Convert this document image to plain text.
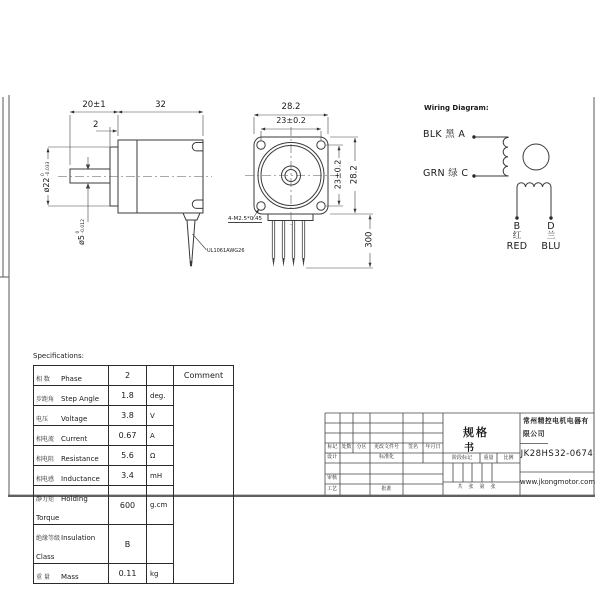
20±1	32
2
ø22
0 -0.033
ø5
0 -0.012
UL1061AWG26
28.2
23±0.2
23±0.2 28.2
300
4-M2.5*0.45
Wiring Diagram:
BLK 黑 A
GRN 绿 C
B	D
红	兰
RED	BLU
Specifications:
相 数 Phase	2		Comment
步距角 Step Angle	1.8	deg.	
电压 Voltage	3.8	V	
相电流 Current	0.67	A	
相电阻 Resistance	5.6	Ω	
相电感 Inductance	3.4	mH	
静力矩 Holding Torque	600	g.cm	
绝缘等级Insulation Class	B		
重 量 Mass	0.11	kg	
标记 处数 分区	更改文件号	签名	年月日
设计	标准化
审核
工艺	批准
规格
书
阶段标记	重量	比例
共	张	第	张
常州精控电机电器有
限公司
JK28HS32-0674
www.jkongmotor.com
